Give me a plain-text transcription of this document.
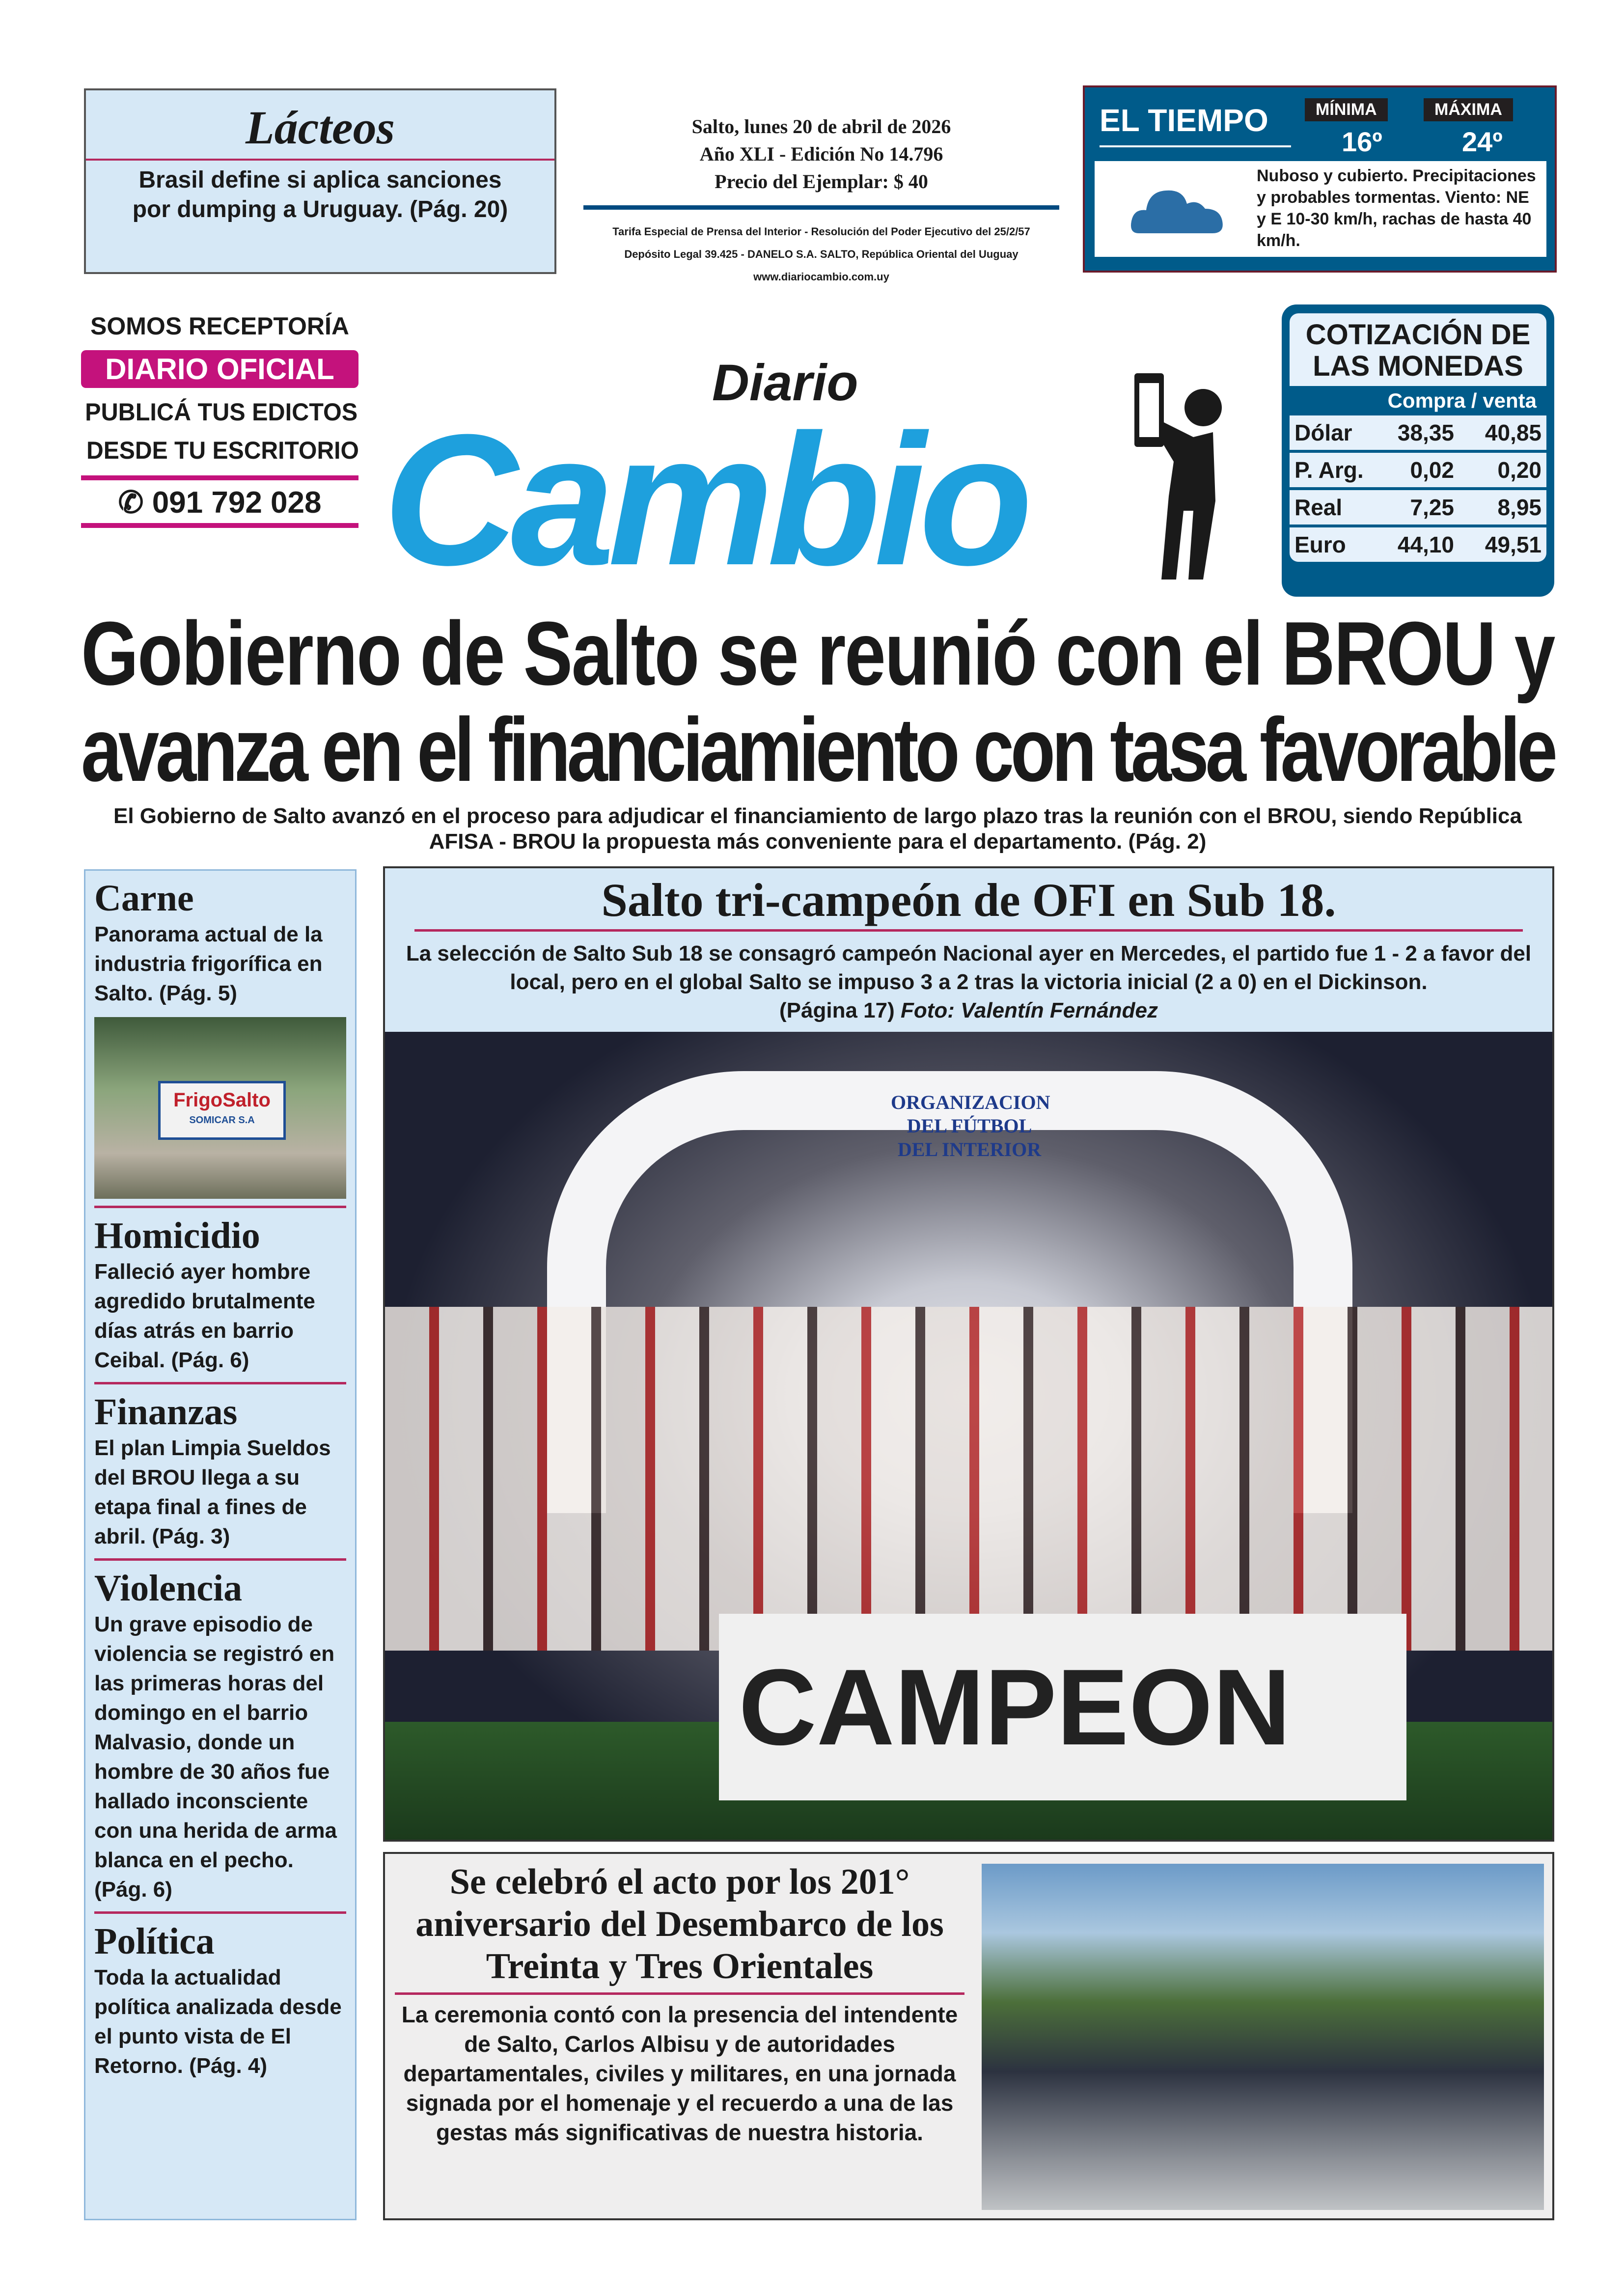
Lácteos

Brasil define si aplica sanciones por dumping a Uruguay. (Pág. 20)

Salto, lunes 20 de abril de 2026
Año XLI - Edición No 14.796
Precio del Ejemplar: $ 40
Tarifa Especial de Prensa del Interior - Resolución del Poder Ejecutivo del 25/2/57
Depósito Legal 39.425 - DANELO S.A. SALTO, República Oriental del Uuguay
www.diariocambio.com.uy
EL TIEMPO	MÍNIMA	MÁXIMA
16º	24º
Nuboso y cubierto. Precipitaciones y probables tormentas. Viento: NE y E 10-30 km/h, rachas de hasta 40 km/h.
SOMOS RECEPTORÍA
DIARIO OFICIAL
PUBLICÁ TUS EDICTOS
DESDE TU ESCRITORIO
✆ 091 792 028
Diario
Cambio
COTIZACIÓN DE LAS MONEDAS
Compra / venta
Dólar	38,35	40,85
P. Arg.	0,02	0,20
Real	7,25	8,95
Euro	44,10	49,51
Gobierno de Salto se reunió con el BROU y
avanza en el financiamiento con tasa favorable
El Gobierno de Salto avanzó en el proceso para adjudicar el financiamiento de largo plazo tras la reunión con el BROU, siendo República AFISA - BROU la propuesta más conveniente para el departamento. (Pág. 2)
Carne

Panorama actual de la industria frigorífica en Salto. (Pág. 5)

FrigoSalto
SOMICAR S.A
Homicidio

Falleció ayer hombre agredido brutalmente días atrás en barrio Ceibal. (Pág. 6)

Finanzas

El plan Limpia Sueldos del BROU llega a su etapa final a fines de abril. (Pág. 3)

Violencia

Un grave episodio de violencia se registró en las primeras horas del domingo en el barrio Malvasio, donde un hombre de 30 años fue hallado inconsciente con una herida de arma blanca en el pecho. (Pág. 6)

Política

Toda la actualidad política analizada desde el punto vista de El Retorno. (Pág. 4)

Salto tri-campeón de OFI en Sub 18.

La selección de Salto Sub 18 se consagró campeón Nacional ayer en Mercedes, el partido fue 1 - 2 a favor del local, pero en el global Salto se impuso 3 a 2 tras la victoria inicial (2 a 0) en el Dickinson.

(Página 17) Foto: Valentín Fernández

ORGANIZACION DEL FÚTBOL DEL INTERIOR
CAMPEON
Se celebró el acto por los 201° aniversario del Desembarco de los Treinta y Tres Orientales

La ceremonia contó con la presencia del intendente de Salto, Carlos Albisu y de autoridades departamentales, civiles y militares, en una jornada signada por el homenaje y el recuerdo a una de las gestas más significativas de nuestra historia.
